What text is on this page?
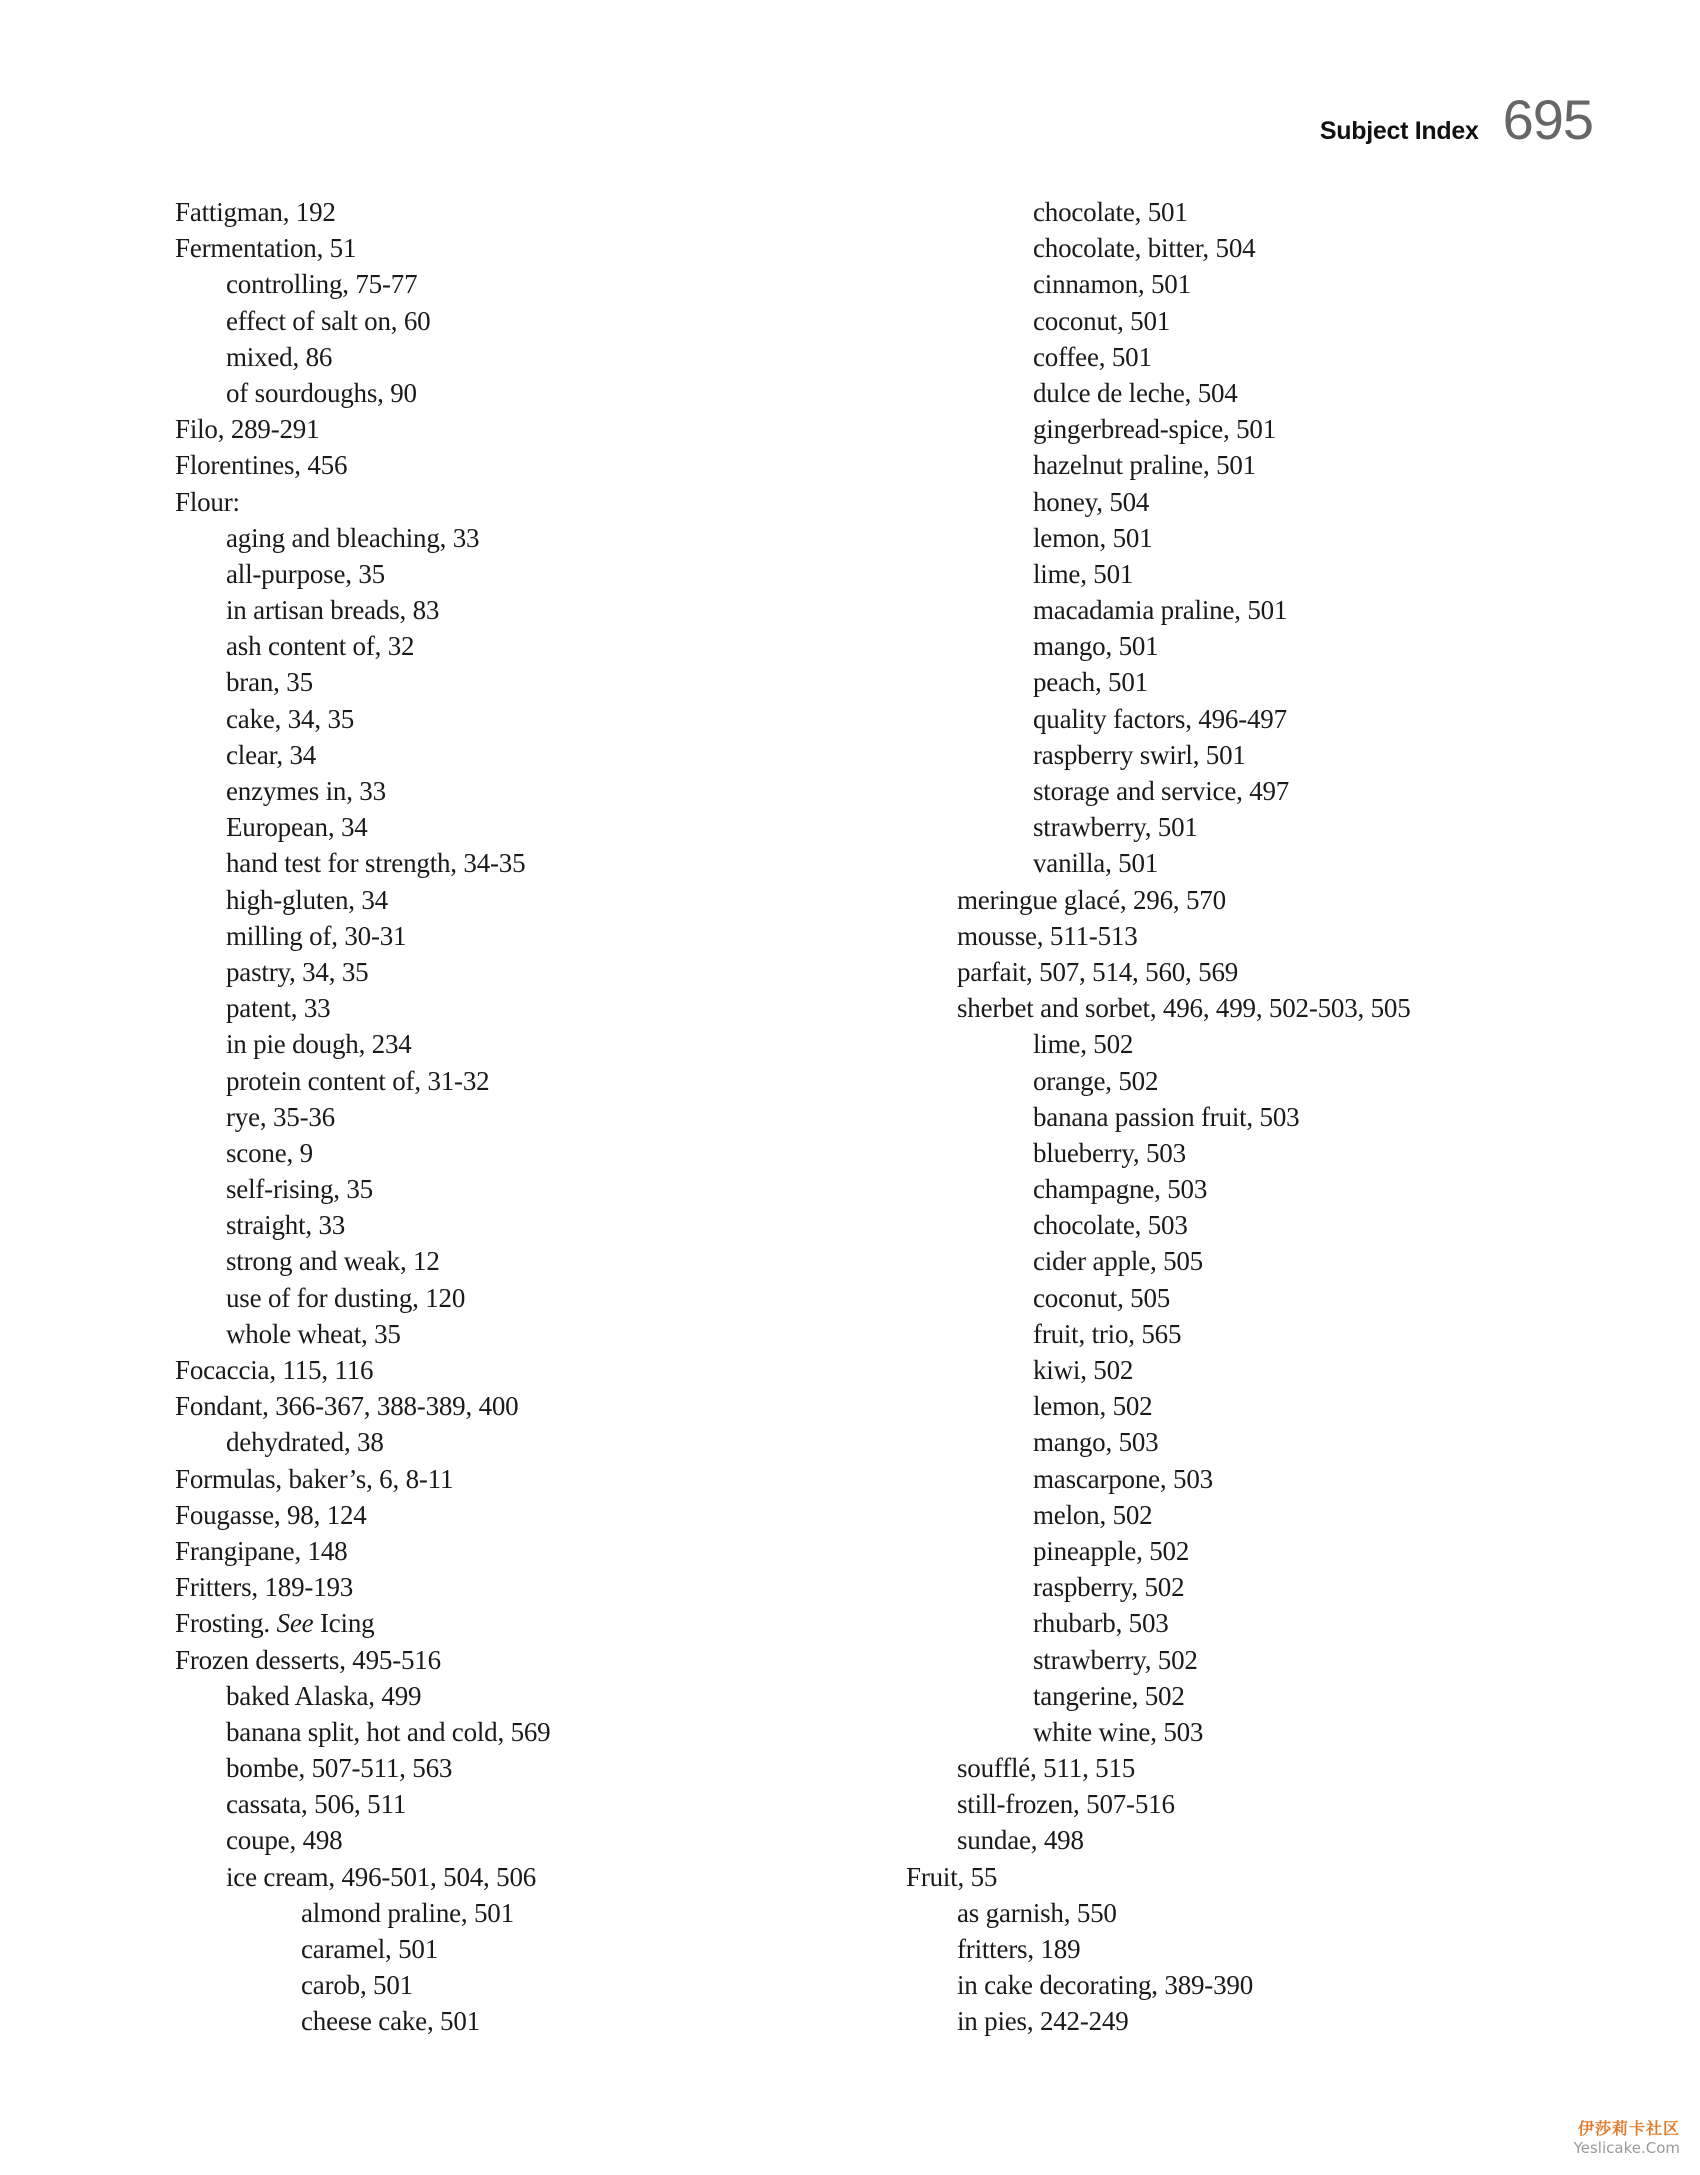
Subject Index 695
Fattigman, 192
Fermentation, 51
controlling, 75-77
effect of salt on, 60
mixed, 86
of sourdoughs, 90
Filo, 289-291
Florentines, 456
Flour:
aging and bleaching, 33
all-purpose, 35
in artisan breads, 83
ash content of, 32
bran, 35
cake, 34, 35
clear, 34
enzymes in, 33
European, 34
hand test for strength, 34-35
high-gluten, 34
milling of, 30-31
pastry, 34, 35
patent, 33
in pie dough, 234
protein content of, 31-32
rye, 35-36
scone, 9
self-rising, 35
straight, 33
strong and weak, 12
use of for dusting, 120
whole wheat, 35
Focaccia, 115, 116
Fondant, 366-367, 388-389, 400
dehydrated, 38
Formulas, baker’s, 6, 8-11
Fougasse, 98, 124
Frangipane, 148
Fritters, 189-193
Frosting. See Icing
Frozen desserts, 495-516
baked Alaska, 499
banana split, hot and cold, 569
bombe, 507-511, 563
cassata, 506, 511
coupe, 498
ice cream, 496-501, 504, 506
almond praline, 501
caramel, 501
carob, 501
cheese cake, 501
chocolate, 501
chocolate, bitter, 504
cinnamon, 501
coconut, 501
coffee, 501
dulce de leche, 504
gingerbread-spice, 501
hazelnut praline, 501
honey, 504
lemon, 501
lime, 501
macadamia praline, 501
mango, 501
peach, 501
quality factors, 496-497
raspberry swirl, 501
storage and service, 497
strawberry, 501
vanilla, 501
meringue glacé, 296, 570
mousse, 511-513
parfait, 507, 514, 560, 569
sherbet and sorbet, 496, 499, 502-503, 505
lime, 502
orange, 502
banana passion fruit, 503
blueberry, 503
champagne, 503
chocolate, 503
cider apple, 505
coconut, 505
fruit, trio, 565
kiwi, 502
lemon, 502
mango, 503
mascarpone, 503
melon, 502
pineapple, 502
raspberry, 502
rhubarb, 503
strawberry, 502
tangerine, 502
white wine, 503
soufflé, 511, 515
still-frozen, 507-516
sundae, 498
Fruit, 55
as garnish, 550
fritters, 189
in cake decorating, 389-390
in pies, 242-249
伊莎莉卡社区
Yeslicake.Com
